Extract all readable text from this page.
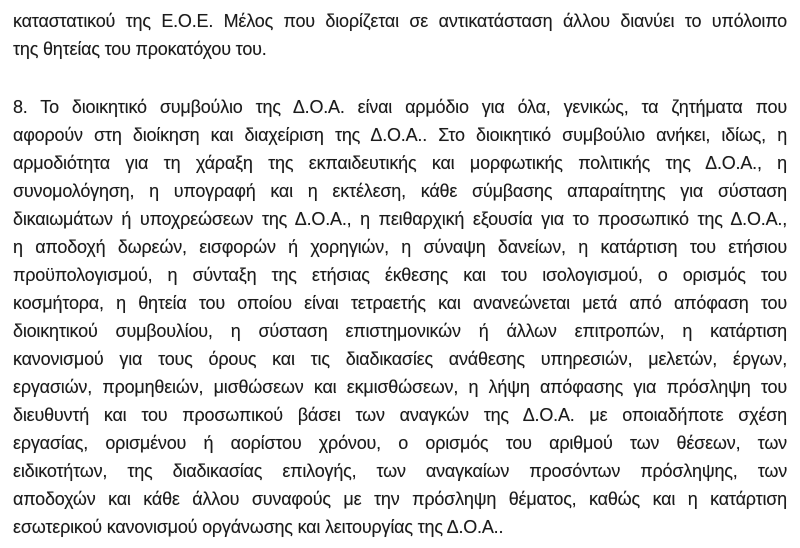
καταστατικού της Ε.Ο.Ε. Μέλος που διορίζεται σε αντικατάσταση άλλου διανύει το υπόλοιπο
της θητείας του προκατόχου του.
8. Το διοικητικό συμβούλιο της Δ.Ο.Α. είναι αρμόδιο για όλα, γενικώς, τα ζητήματα που
αφορούν στη διοίκηση και διαχείριση της Δ.Ο.Α.. Στο διοικητικό συμβούλιο ανήκει, ιδίως, η
αρμοδιότητα για τη χάραξη της εκπαιδευτικής και μορφωτικής πολιτικής της Δ.Ο.Α., η
συνομολόγηση, η υπογραφή και η εκτέλεση, κάθε σύμβασης απαραίτητης για σύσταση
δικαιωμάτων ή υποχρεώσεων της Δ.Ο.Α., η πειθαρχική εξουσία για το προσωπικό της Δ.Ο.Α.,
η αποδοχή δωρεών, εισφορών ή χορηγιών, η σύναψη δανείων, η κατάρτιση του ετήσιου
προϋπολογισμού, η σύνταξη της ετήσιας έκθεσης και του ισολογισμού, ο ορισμός του
κοσμήτορα, η θητεία του οποίου είναι τετραετής και ανανεώνεται μετά από απόφαση του
διοικητικού συμβουλίου, η σύσταση επιστημονικών ή άλλων επιτροπών, η κατάρτιση
κανονισμού για τους όρους και τις διαδικασίες ανάθεσης υπηρεσιών, μελετών, έργων,
εργασιών, προμηθειών, μισθώσεων και εκμισθώσεων, η λήψη απόφασης για πρόσληψη του
διευθυντή και του προσωπικού βάσει των αναγκών της Δ.Ο.Α. με οποιαδήποτε σχέση
εργασίας, ορισμένου ή αορίστου χρόνου, ο ορισμός του αριθμού των θέσεων, των
ειδικοτήτων, της διαδικασίας επιλογής, των αναγκαίων προσόντων πρόσληψης, των
αποδοχών και κάθε άλλου συναφούς με την πρόσληψη θέματος, καθώς και η κατάρτιση
εσωτερικού κανονισμού οργάνωσης και λειτουργίας της Δ.Ο.Α..
